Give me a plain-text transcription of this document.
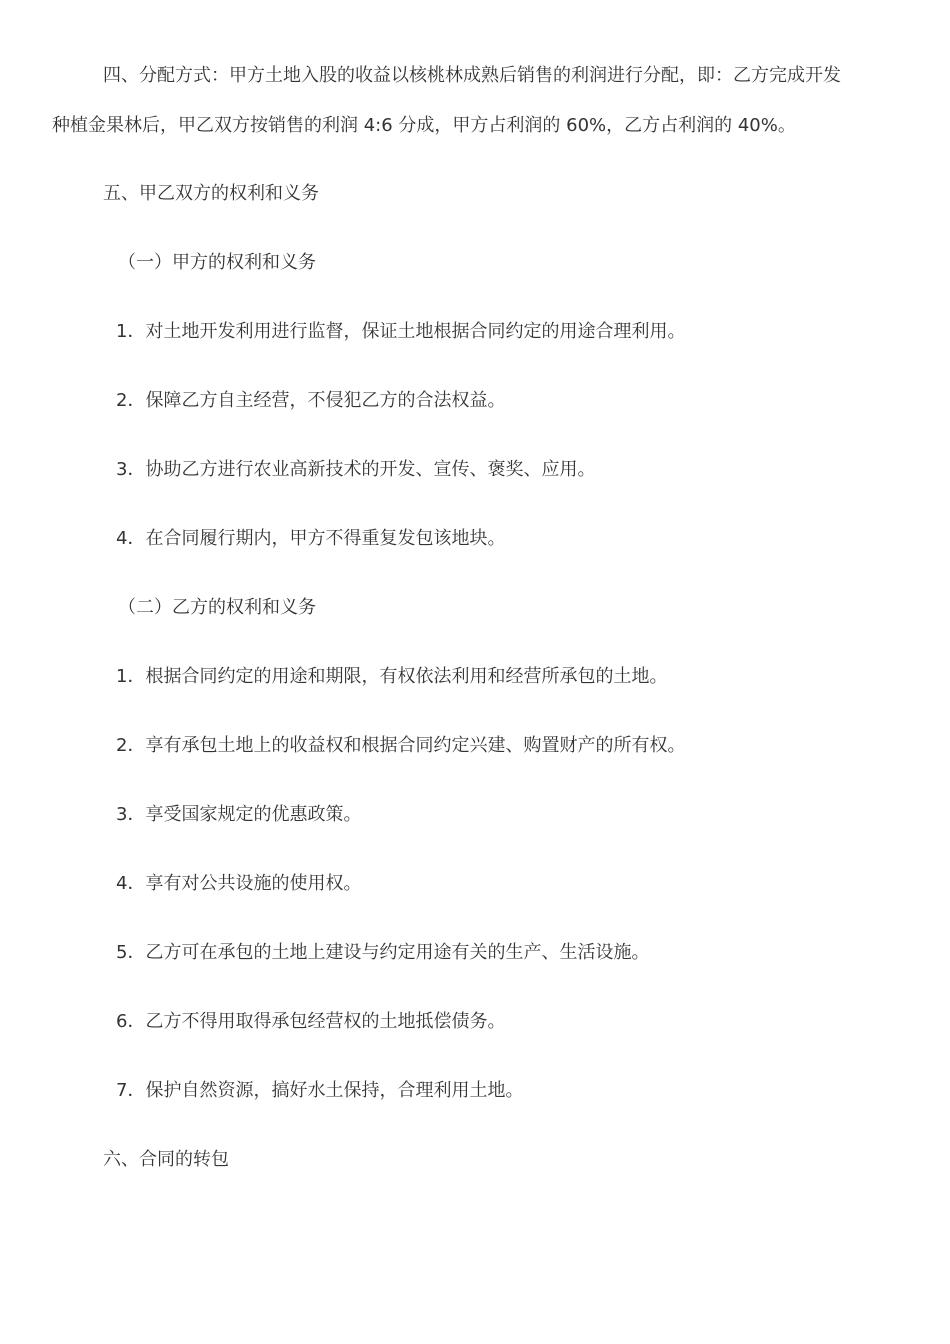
四、分配方式：甲方土地入股的收益以核桃林成熟后销售的利润进行分配，即：乙方完成开发
种植金果林后，甲乙双方按销售的利润 4:6 分成，甲方占利润的 60%，乙方占利润的 40%。
五、甲乙双方的权利和义务
（一）甲方的权利和义务
1．对土地开发利用进行监督，保证土地根据合同约定的用途合理利用。
2．保障乙方自主经营，不侵犯乙方的合法权益。
3．协助乙方进行农业高新技术的开发、宣传、褒奖、应用。
4．在合同履行期内，甲方不得重复发包该地块。
（二）乙方的权利和义务
1．根据合同约定的用途和期限，有权依法利用和经营所承包的土地。
2．享有承包土地上的收益权和根据合同约定兴建、购置财产的所有权。
3．享受国家规定的优惠政策。
4．享有对公共设施的使用权。
5．乙方可在承包的土地上建设与约定用途有关的生产、生活设施。
6．乙方不得用取得承包经营权的土地抵偿债务。
7．保护自然资源，搞好水土保持，合理利用土地。
六、合同的转包
